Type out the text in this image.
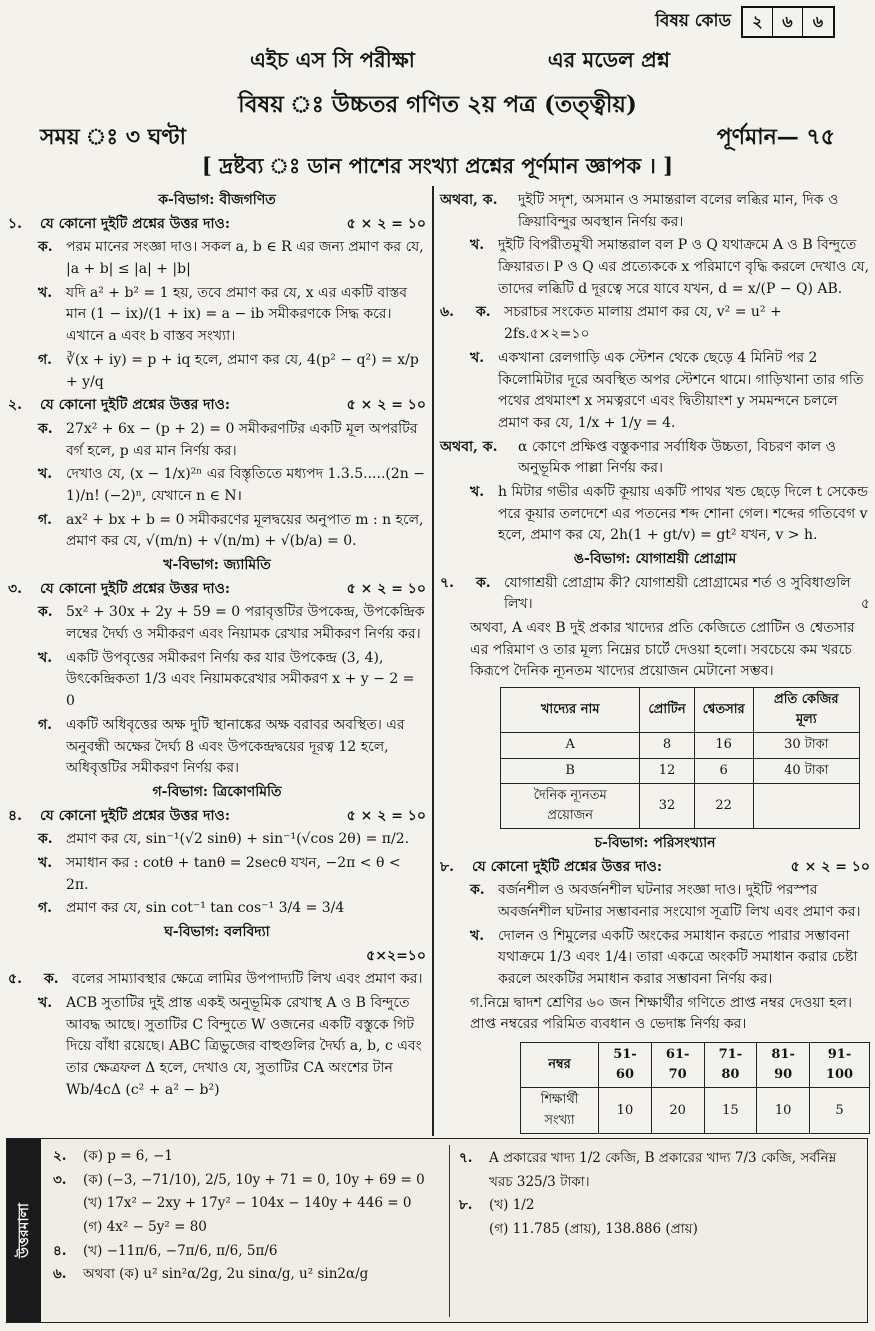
বিষয় কোড	২	৬	৬
এইচ এস সি পরীক্ষা	এর মডেল প্রশ্ন
বিষয় ঃ উচ্চতর গণিত ২য় পত্র (তত্ত্বীয়)
সময় ঃ ৩ ঘণ্টা	পূর্ণমান— ৭৫
[ দ্রষ্টব্য ঃ ডান পাশের সংখ্যা প্রশ্নের পূর্ণমান জ্ঞাপক । ]
ক-বিভাগ: বীজগণিত
১. যে কোনো দুইটি প্রশ্নের উত্তর দাও:	৫ × ২ = ১০
ক. পরম মানের সংজ্ঞা দাও। সকল a, b ∈ R এর জন্য প্রমাণ কর যে, |a + b| ≤ |a| + |b|
খ. যদি a² + b² = 1 হয়, তবে প্রমাণ কর যে, x এর একটি বাস্তব মান (1 − ix)/(1 + ix) = a − ib সমীকরণকে সিদ্ধ করে। এখানে a এবং b বাস্তব সংখ্যা।
গ. ∛(x + iy) = p + iq হলে, প্রমাণ কর যে, 4(p² − q²) = x/p + y/q
২. যে কোনো দুইটি প্রশ্নের উত্তর দাও:	৫ × ২ = ১০
ক. 27x² + 6x − (p + 2) = 0 সমীকরণটির একটি মূল অপরটির বর্গ হলে, p এর মান নির্ণয় কর।
খ. দেখাও যে, (x − 1/x)²ⁿ এর বিস্তৃতিতে মধ্যপদ 1.3.5.....(2n − 1)/n! (−2)ⁿ, যেখানে n ∈ N।
গ. ax² + bx + b = 0 সমীকরণের মূলদ্বয়ের অনুপাত m : n হলে, প্রমাণ কর যে, √(m/n) + √(n/m) + √(b/a) = 0.
খ-বিভাগ: জ্যামিতি
৩. যে কোনো দুইটি প্রশ্নের উত্তর দাও:	৫ × ২ = ১০
ক. 5x² + 30x + 2y + 59 = 0 পরাবৃত্তটির উপকেন্দ্র, উপকেন্দ্রিক লম্বের দৈর্ঘ্য ও সমীকরণ এবং নিয়ামক রেখার সমীকরণ নির্ণয় কর।
খ. একটি উপবৃত্তের সমীকরণ নির্ণয় কর যার উপকেন্দ্র (3, 4), উৎকেন্দ্রিকতা 1/3 এবং নিয়ামকরেখার সমীকরণ x + y − 2 = 0
গ. একটি অধিবৃত্তের অক্ষ দুটি স্থানাঙ্কের অক্ষ বরাবর অবস্থিত। এর অনুবন্ধী অক্ষের দৈর্ঘ্য 8 এবং উপকেন্দ্রদ্বয়ের দূরত্ব 12 হলে, অধিবৃত্তটির সমীকরণ নির্ণয় কর।
গ-বিভাগ: ত্রিকোণমিতি
৪. যে কোনো দুইটি প্রশ্নের উত্তর দাও:	৫ × ২ = ১০
ক. প্রমাণ কর যে, sin⁻¹(√2 sinθ) + sin⁻¹(√cos 2θ) = π/2.
খ. সমাধান কর : cotθ + tanθ = 2secθ যখন, −2π < θ < 2π.
গ. প্রমাণ কর যে, sin cot⁻¹ tan cos⁻¹ 3/4 = 3/4
ঘ-বিভাগ: বলবিদ্যা
৫×২=১০
৫.	ক. বলের সাম্যাবস্থার ক্ষেত্রে লামির উপপাদ্যটি লিখ এবং প্রমাণ কর।
খ. ACB সুতাটির দুই প্রান্ত একই অনুভূমিক রেখাস্থ A ও B বিন্দুতে আবদ্ধ আছে। সুতাটির C বিন্দুতে W ওজনের একটি বস্তুকে গিট দিয়ে বাঁধা রয়েছে। ABC ত্রিভুজের বাহুগুলির দৈর্ঘ্য a, b, c এবং তার ক্ষেত্রফল Δ হলে, দেখাও যে, সুতাটির CA অংশের টান Wb/4cΔ (c² + a² − b²)
অথবা, ক.	দুইটি সদৃশ, অসমান ও সমান্তরাল বলের লব্ধির মান, দিক ও ক্রিয়াবিন্দুর অবস্থান নির্ণয় কর।
খ. দুইটি বিপরীতমুখী সমান্তরাল বল P ও Q যথাক্রমে A ও B বিন্দুতে ক্রিয়ারত। P ও Q এর প্রত্যেককে x পরিমাণে বৃদ্ধি করলে দেখাও যে, তাদের লব্ধিটি d দূরত্বে সরে যাবে যখন, d = x/(P − Q) AB.
৬.	ক. সচরাচর সংকেত মালায় প্রমাণ কর যে, v² = u² + 2fs.৫×২=১০
খ. একখানা রেলগাড়ি এক স্টেশন থেকে ছেড়ে 4 মিনিট পর 2 কিলোমিটার দূরে অবস্থিত অপর স্টেশনে থামে। গাড়িখানা তার গতি পথের প্রথমাংশ x সমত্বরণে এবং দ্বিতীয়াংশ y সমমন্দনে চললে প্রমাণ কর যে, 1/x + 1/y = 4.
অথবা, ক.	α কোণে প্রক্ষিপ্ত বস্তুকণার সর্বাধিক উচ্চতা, বিচরণ কাল ও অনুভূমিক পাল্লা নির্ণয় কর।
খ. h মিটার গভীর একটি কূয়ায় একটি পাথর খন্ড ছেড়ে দিলে t সেকেন্ড পরে কূয়ার তলদেশে এর পতনের শব্দ শোনা গেল। শব্দের গতিবেগ v হলে, প্রমাণ কর যে, 2h(1 + gt/v) = gt² যখন, v > h.
ঙ-বিভাগ: যোগাশ্রয়ী প্রোগ্রাম
৭.	ক. যোগাশ্রয়ী প্রোগ্রাম কী? যোগাশ্রয়ী প্রোগ্রামের শর্ত ও সুবিধাগুলি লিখ।	৫
অথবা, A এবং B দুই প্রকার খাদ্যের প্রতি কেজিতে প্রোটিন ও শ্বেতসার এর পরিমাণ ও তার মূল্য নিম্নের চার্টে দেওয়া হলো। সবচেয়ে কম খরচে কিরূপে দৈনিক ন্যূনতম খাদ্যের প্রয়োজন মেটানো সম্ভব।
খাদ্যের নাম	প্রোটিন	শ্বেতসার	প্রতি কেজির মূল্য
A	8	16	30 টাকা
B	12	6	40 টাকা
দৈনিক ন্যূনতম প্রয়োজন	32	22	
চ-বিভাগ: পরিসংখ্যান
৮. যে কোনো দুইটি প্রশ্নের উত্তর দাও:	৫ × ২ = ১০
ক. বর্জনশীল ও অবর্জনশীল ঘটনার সংজ্ঞা দাও। দুইটি পরস্পর অবর্জনশীল ঘটনার সম্ভাবনার সংযোগ সূত্রটি লিখ এবং প্রমাণ কর।
খ. দোলন ও শিমুলের একটি অংকের সমাধান করতে পারার সম্ভাবনা যথাক্রমে 1/3 এবং 1/4। তারা একত্রে অংকটি সমাধান করার চেষ্টা করলে অংকটির সমাধান করার সম্ভাবনা নির্ণয় কর।
গ.নিম্নে দ্বাদশ শ্রেণির ৬০ জন শিক্ষার্থীর গণিতে প্রাপ্ত নম্বর দেওয়া হল। প্রাপ্ত নম্বরের পরিমিত ব্যবধান ও ভেদাঙ্ক নির্ণয় কর।
নম্বর	51-60	61-70	71-80	81-90	91-100
শিক্ষার্থী সংখ্যা	10	20	15	10	5
উত্তরমালা
২.	(ক) p = 6, −1
৩.	(ক) (−3, −71/10), 2/5, 10y + 71 = 0, 10y + 69 = 0
(খ) 17x² − 2xy + 17y² − 104x − 140y + 446 = 0
(গ) 4x² − 5y² = 80
৪.	(খ) −11π/6, −7π/6, π/6, 5π/6
৬.	অথবা (ক) u² sin²α/2g, 2u sinα/g, u² sin2α/g
৭.	A প্রকারের খাদ্য 1/2 কেজি, B প্রকারের খাদ্য 7/3 কেজি, সর্বনিম্ন খরচ 325/3 টাকা।
৮.	(খ) 1/2
(গ) 11.785 (প্রায়), 138.886 (প্রায়)
